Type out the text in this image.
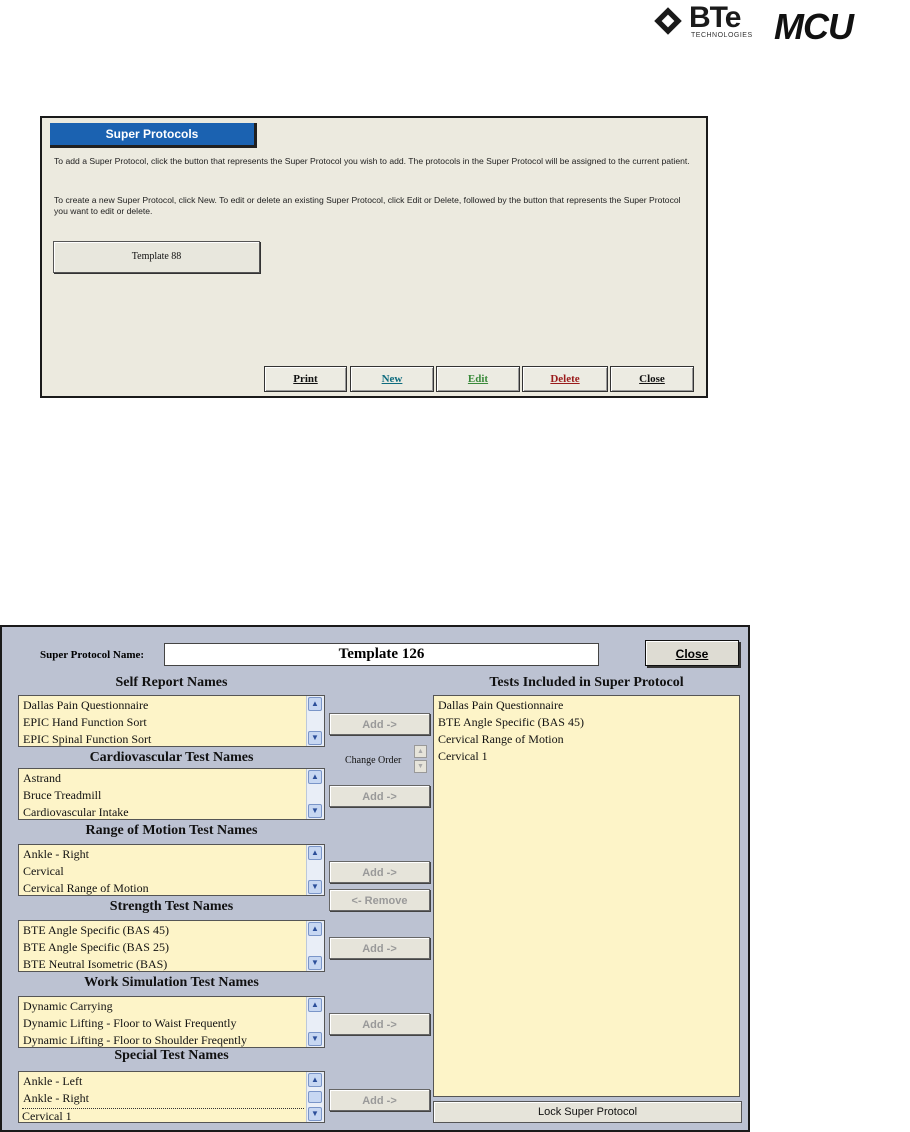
BTe
TECHNOLOGIES MCU
Super Protocols
To add a Super Protocol, click the button that represents the Super Protocol you wish to add. The protocols in the Super Protocol will be assigned to the current patient.
To create a new Super Protocol, click New. To edit or delete an existing Super Protocol, click Edit or Delete, followed by the button that represents the Super Protocol you want to edit or delete.
Template 88
Print	New	Edit	Delete	Close
Super Protocol Name:	Template 126	Close
Self Report Names
Dallas Pain Questionnaire
EPIC Hand Function Sort
EPIC Spinal Function Sort
▲
▼
Cardiovascular Test Names
Astrand
Bruce Treadmill
Cardiovascular Intake
▲
▼
Range of Motion Test Names
Ankle - Right
Cervical
Cervical Range of Motion
▲
▼
Strength Test Names
BTE Angle Specific (BAS 45)
BTE Angle Specific (BAS 25)
BTE Neutral Isometric (BAS)
▲
▼
Work Simulation Test Names
Dynamic Carrying
Dynamic Lifting - Floor to Waist Frequently
Dynamic Lifting - Floor to Shoulder Freqently
▲
▼
Special Test Names
Ankle - Left
Ankle - Right
Cervical 1
▲
▼
Add ->
Change Order
▲
▼
Add ->
Add ->
<- Remove
Add ->
Add ->
Add ->
Tests Included in Super Protocol
Dallas Pain Questionnaire
BTE Angle Specific (BAS 45)
Cervical Range of Motion
Cervical 1
Lock Super Protocol
